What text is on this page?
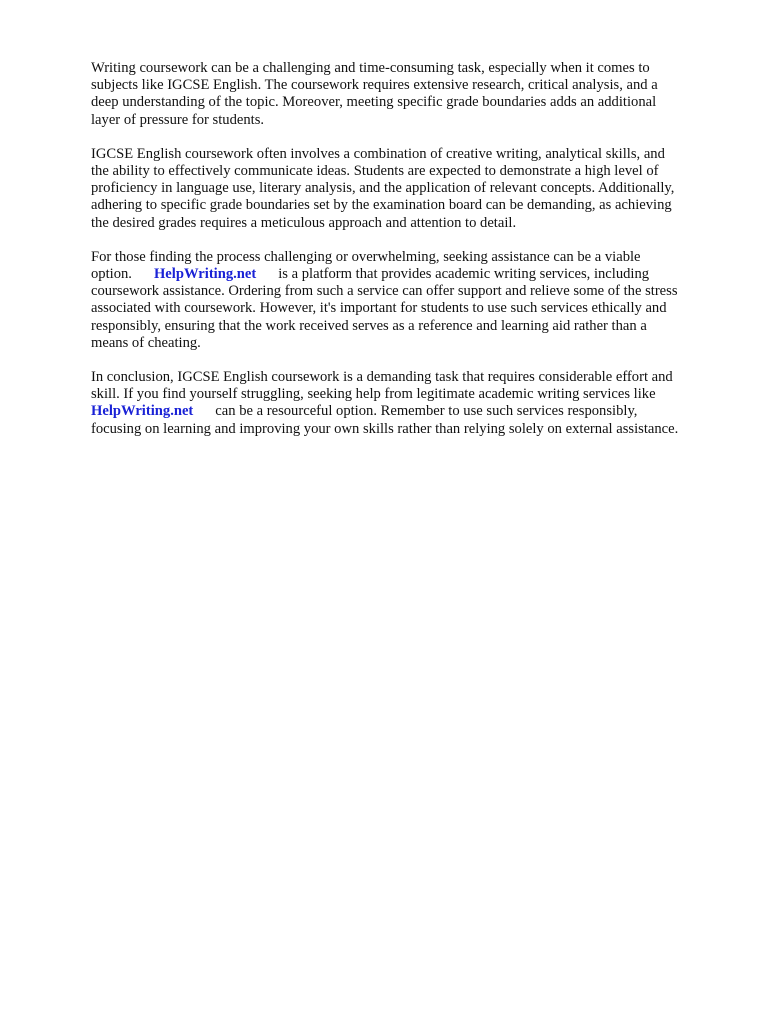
Writing coursework can be a challenging and time-consuming task, especially when it comes to
subjects like IGCSE English. The coursework requires extensive research, critical analysis, and a
deep understanding of the topic. Moreover, meeting specific grade boundaries adds an additional
layer of pressure for students.

IGCSE English coursework often involves a combination of creative writing, analytical skills, and
the ability to effectively communicate ideas. Students are expected to demonstrate a high level of
proficiency in language use, literary analysis, and the application of relevant concepts. Additionally,
adhering to specific grade boundaries set by the examination board can be demanding, as achieving
the desired grades requires a meticulous approach and attention to detail.

For those finding the process challenging or overwhelming, seeking assistance can be a viable
option. HelpWriting.net is a platform that provides academic writing services, including
coursework assistance. Ordering from such a service can offer support and relieve some of the stress
associated with coursework. However, it's important for students to use such services ethically and
responsibly, ensuring that the work received serves as a reference and learning aid rather than a
means of cheating.

In conclusion, IGCSE English coursework is a demanding task that requires considerable effort and
skill. If you find yourself struggling, seeking help from legitimate academic writing services like
HelpWriting.net can be a resourceful option. Remember to use such services responsibly,
focusing on learning and improving your own skills rather than relying solely on external assistance.
